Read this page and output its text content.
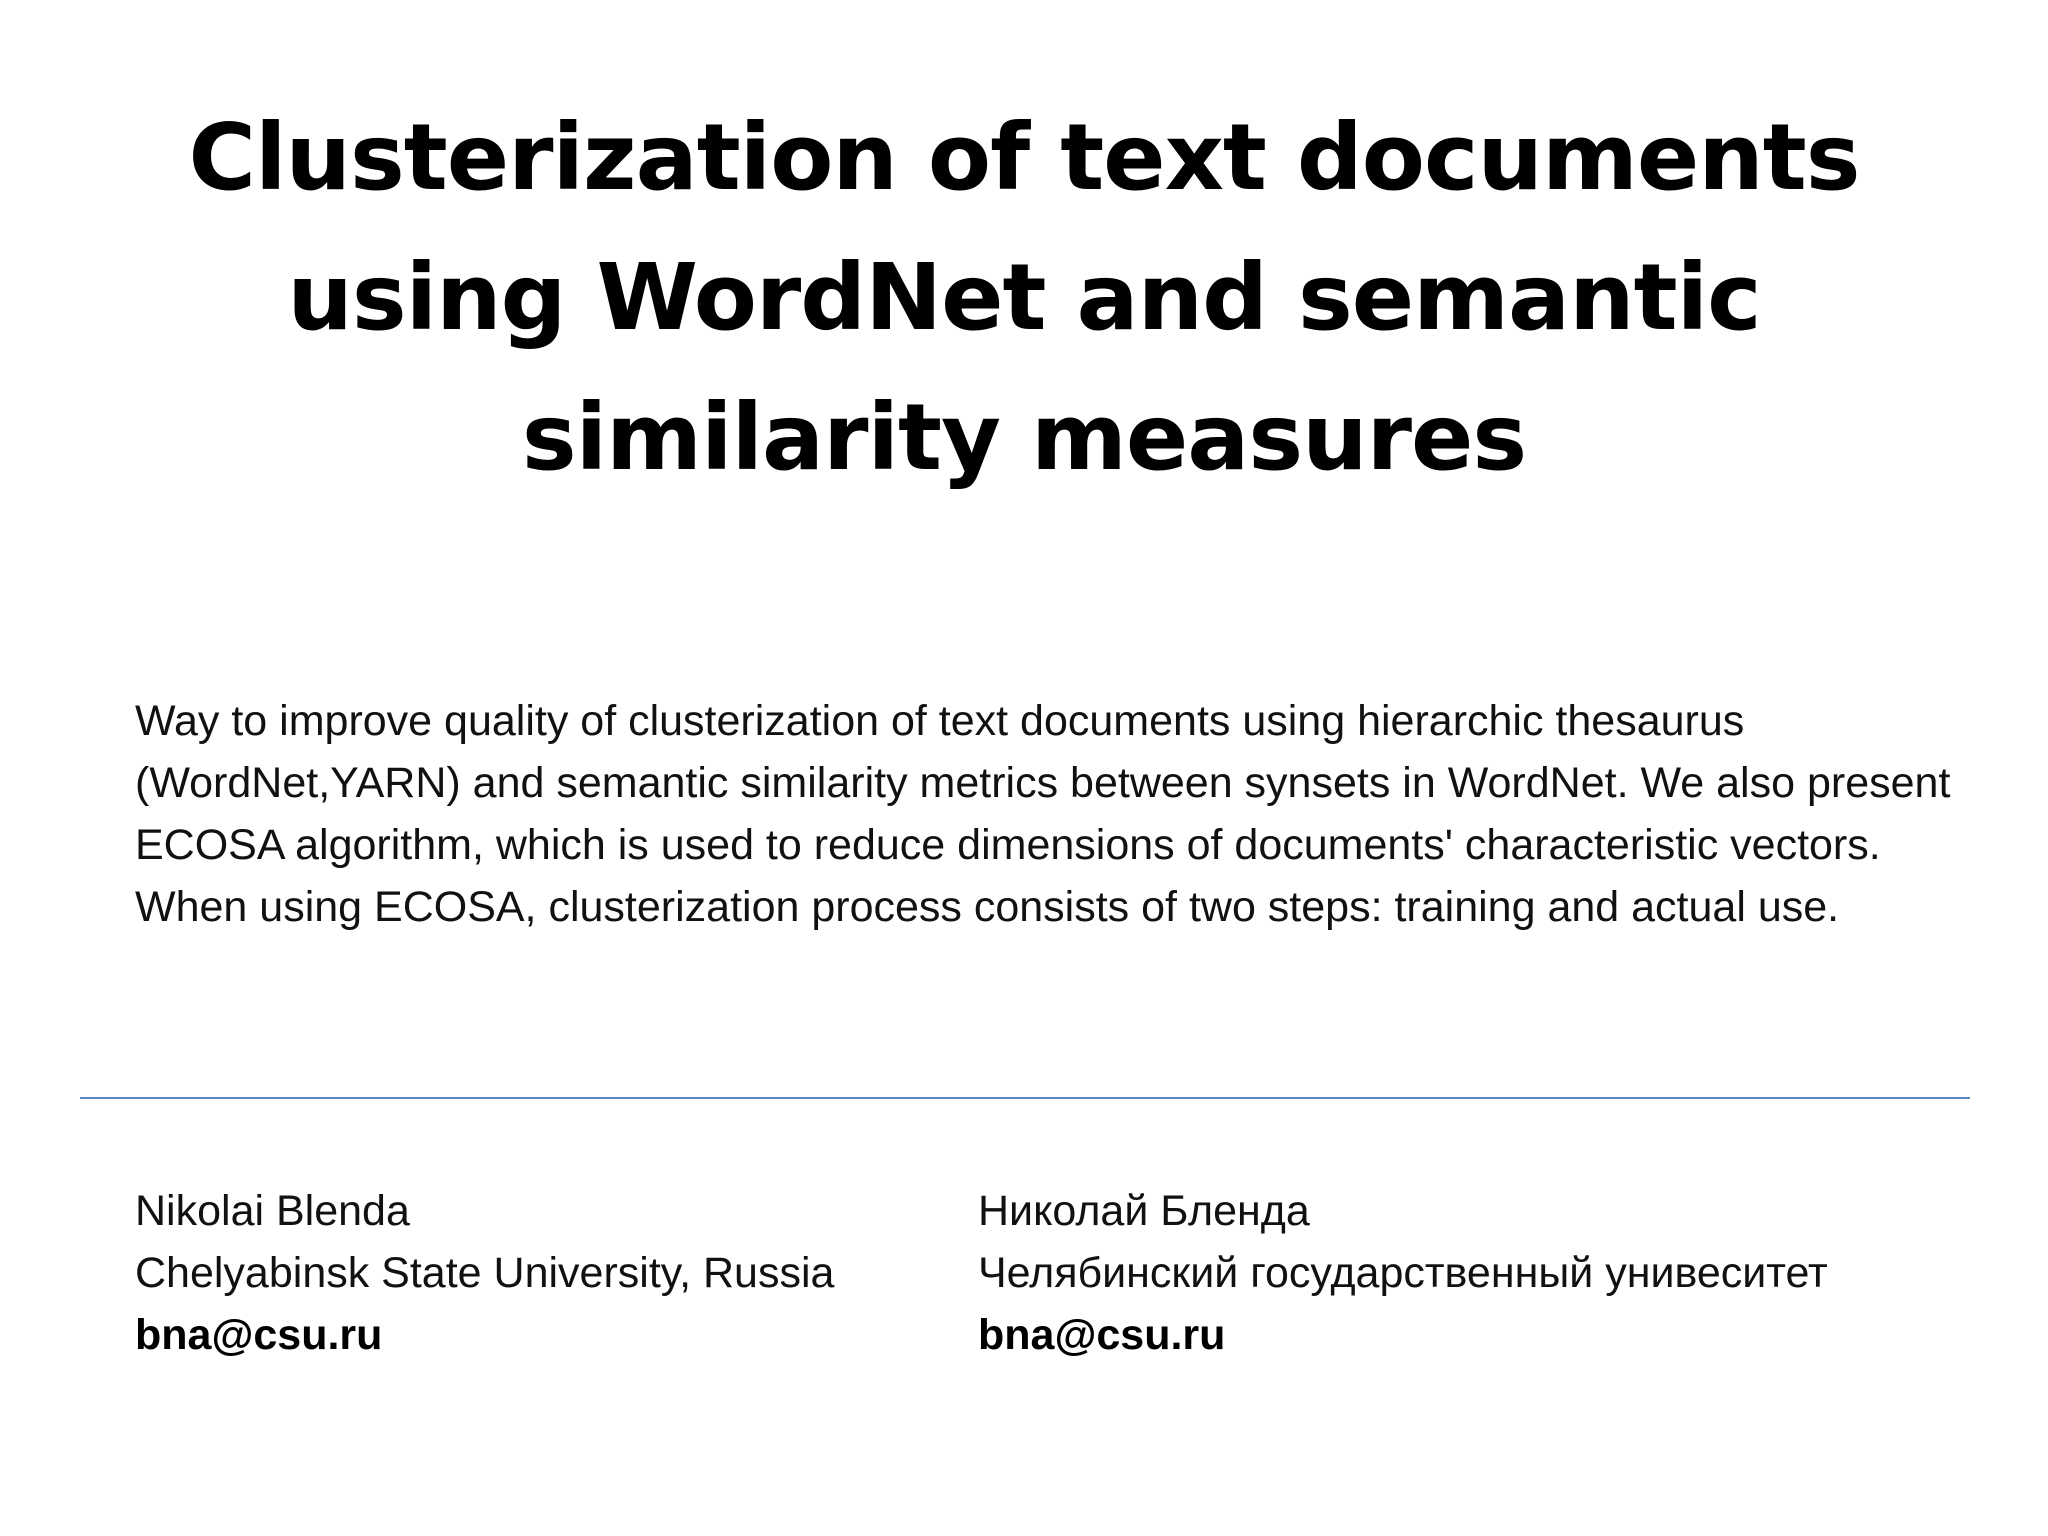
Clusterization of text documents
using WordNet and semantic
similarity measures

Way to improve quality of clusterization of text documents using hierarchic thesaurus (WordNet,YARN) and semantic similarity metrics between synsets in WordNet. We also present ECOSA algorithm, which is used to reduce dimensions of documents' characteristic vectors. When using ECOSA, clusterization process consists of two steps: training and actual use.

Nikolai Blenda
Chelyabinsk State University, Russia
bna@csu.ru
Николай Бленда
Челябинский государственный унивеситет
bna@csu.ru
